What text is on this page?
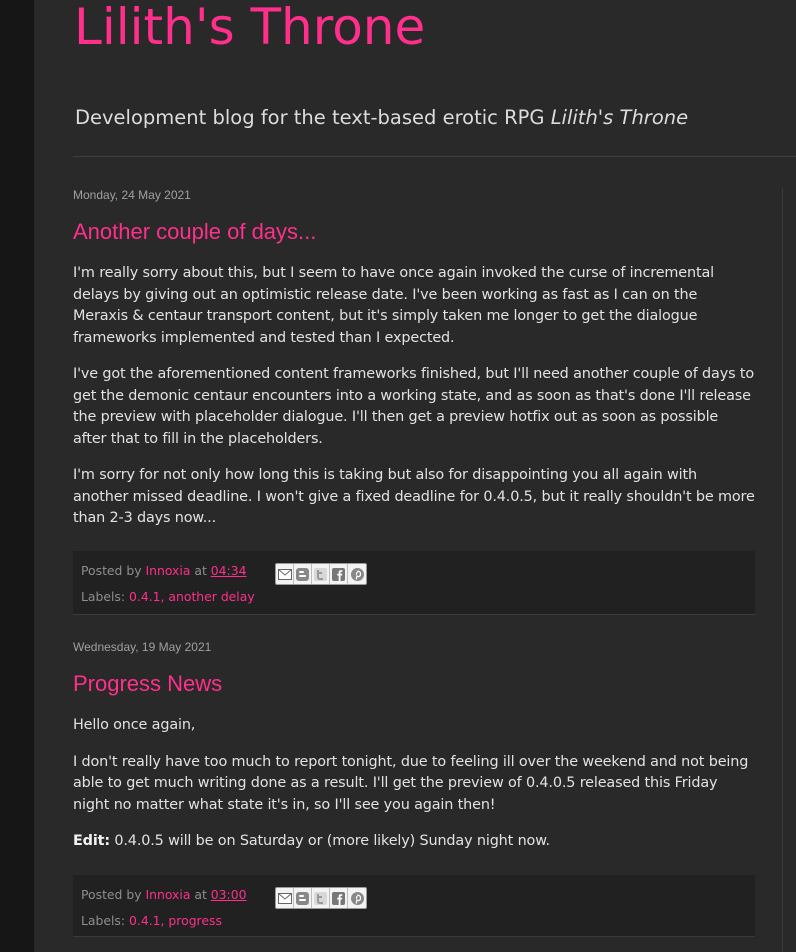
Lilith's Throne
Development blog for the text-based erotic RPG Lilith's Throne
Monday, 24 May 2021
Another couple of days...

I'm really sorry about this, but I seem to have once again invoked the curse of incremental delays by giving out an optimistic release date. I've been working as fast as I can on the Meraxis & centaur transport content, but it's simply taken me longer to get the dialogue frameworks implemented and tested than I expected.

I've got the aforementioned content frameworks finished, but I'll need another couple of days to get the demonic centaur encounters into a working state, and as soon as that's done I'll release the preview with placeholder dialogue. I'll then get a preview hotfix out as soon as possible after that to fill in the placeholders.

I'm sorry for not only how long this is taking but also for disappointing you all again with another missed deadline. I won't give a fixed deadline for 0.4.0.5, but it really shouldn't be more than 2-3 days now...

Posted by Innoxia at 04:34
Labels: 0.4.1, another delay
Wednesday, 19 May 2021
Progress News

Hello once again,

I don't really have too much to report tonight, due to feeling ill over the weekend and not being able to get much writing done as a result. I'll get the preview of 0.4.0.5 released this Friday night no matter what state it's in, so I'll see you again then!

Edit: 0.4.0.5 will be on Saturday or (more likely) Sunday night now.

Posted by Innoxia at 03:00
Labels: 0.4.1, progress
